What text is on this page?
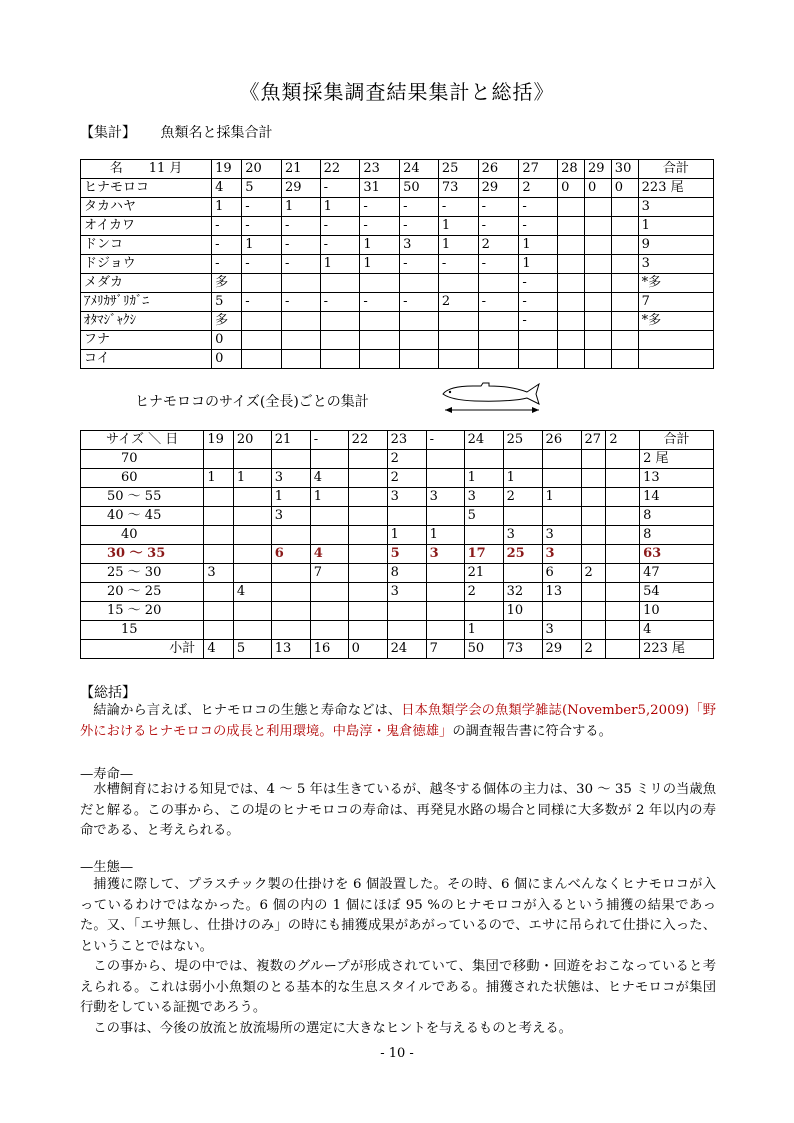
《魚類採集調査結果集計と総括》
【集計】 魚類名と採集合計
名　　11 月	19	20	21	22	23	24	25	26	27	28	29	30	合計
ヒナモロコ	4	5	29	-	31	50	73	29	2	0	0	0	223 尾
タカハヤ	1	-	1	1	-	-	-	-	-				3
オイカワ	-	-	-	-	-	-	1	-	-				1
ドンコ	-	1	-	-	1	3	1	2	1				9
ドジョウ	-	-	-	1	1	-	-	-	1				3
メダカ	多								-				*多
ｱﾒﾘｶｻﾞﾘｶﾞﾆ	5	-	-	-	-	-	2	-	-				7
ｵﾀﾏｼﾞｬｸｼ	多								-				*多
フナ	0												
コイ	0												
ヒナモロコのサイズ(全長)ごとの集計
サイズ ＼ 日	19	20	21	-	22	23	-	24	25	26	27	2	合計
70						2							2 尾
60	1	1	3	4		2		1	1				13
50 ～ 55			1	1		3	3	3	2	1			14
40 ～ 45			3					5					8
40						1	1		3	3			8
30 ～ 35			6	4		5	3	17	25	3			63
25 ～ 30	3			7		8		21		6	2		47
20 ～ 25		4				3		2	32	13			54
15 ～ 20									10				10
15								1		3			4
小計	4	5	13	16	0	24	7	50	73	29	2		223 尾
【総括】
結論から言えば、ヒナモロコの生態と寿命などは、日本魚類学会の魚類学雑誌(November5,2009)「野外におけるヒナモロコの成長と利用環境。中島淳・鬼倉徳雄」の調査報告書に符合する。
—寿命—
水槽飼育における知見では、4 ～ 5 年は生きているが、越冬する個体の主力は、30 ～ 35 ミリの当歳魚だと解る。この事から、この堤のヒナモロコの寿命は、再発見水路の場合と同様に大多数が 2 年以内の寿命である、と考えられる。
—生態—
捕獲に際して、プラスチック製の仕掛けを 6 個設置した。その時、6 個にまんべんなくヒナモロコが入っているわけではなかった。6 個の内の 1 個にほぼ 95 %のヒナモロコが入るという捕獲の結果であった。又、「エサ無し、仕掛けのみ」の時にも捕獲成果があがっているので、エサに吊られて仕掛に入った、ということではない。
この事から、堤の中では、複数のグループが形成されていて、集団で移動・回遊をおこなっていると考えられる。これは弱小小魚類のとる基本的な生息スタイルである。捕獲された状態は、ヒナモロコが集団行動をしている証拠であろう。
この事は、今後の放流と放流場所の選定に大きなヒントを与えるものと考える。
- 10 -
